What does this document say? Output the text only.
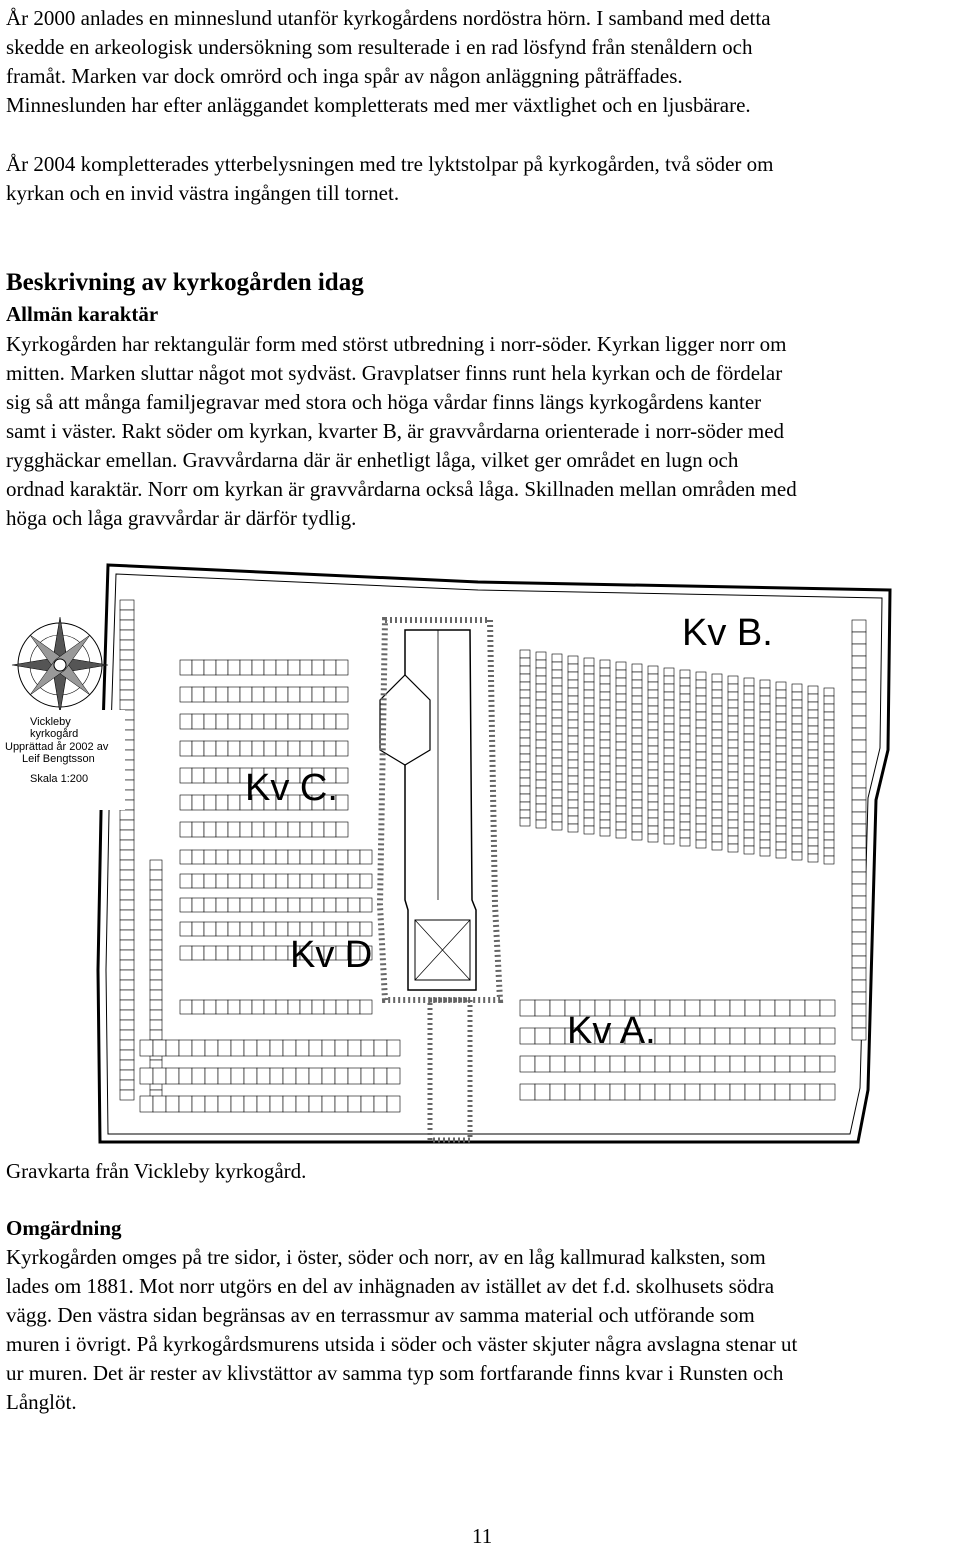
År 2000 anlades en minneslund utanför kyrkogårdens nordöstra hörn. I samband med detta
skedde en arkeologisk undersökning som resulterade i en rad lösfynd från stenåldern och
framåt. Marken var dock omrörd och inga spår av någon anläggning påträffades.
Minneslunden har efter anläggandet kompletterats med mer växtlighet och en ljusbärare.
År 2004 kompletterades ytterbelysningen med tre lyktstolpar på kyrkogården, två söder om
kyrkan och en invid västra ingången till tornet.
Beskrivning av kyrkogården idag
Allmän karaktär
Kyrkogården har rektangulär form med störst utbredning i norr-söder. Kyrkan ligger norr om
mitten. Marken sluttar något mot sydväst. Gravplatser finns runt hela kyrkan och de fördelar
sig så att många familjegravar med stora och höga vårdar finns längs kyrkogårdens kanter
samt i väster. Rakt söder om kyrkan, kvarter B, är gravvårdarna orienterade i norr-söder med
rygghäckar emellan. Gravvårdarna där är enhetligt låga, vilket ger området en lugn och
ordnad karaktär. Norr om kyrkan är gravvårdarna också låga. Skillnaden mellan områden med
höga och låga gravvårdar är därför tydlig.
Kv B.
Kv C.
Kv D
Kv A.
Vickleby
kyrkogård
Upprättad år 2002 av
Leif Bengtsson
Skala 1:200

Gravkarta från Vickleby kyrkogård.

Omgärdning
Kyrkogården omges på tre sidor, i öster, söder och norr, av en låg kallmurad kalksten, som
lades om 1881. Mot norr utgörs en del av inhägnaden av istället av det f.d. skolhusets södra
vägg. Den västra sidan begränsas av en terrassmur av samma material och utförande som
muren i övrigt. På kyrkogårdsmurens utsida i söder och väster skjuter några avslagna stenar ut
ur muren. Det är rester av klivstättor av samma typ som fortfarande finns kvar i Runsten och
Långlöt.
11
